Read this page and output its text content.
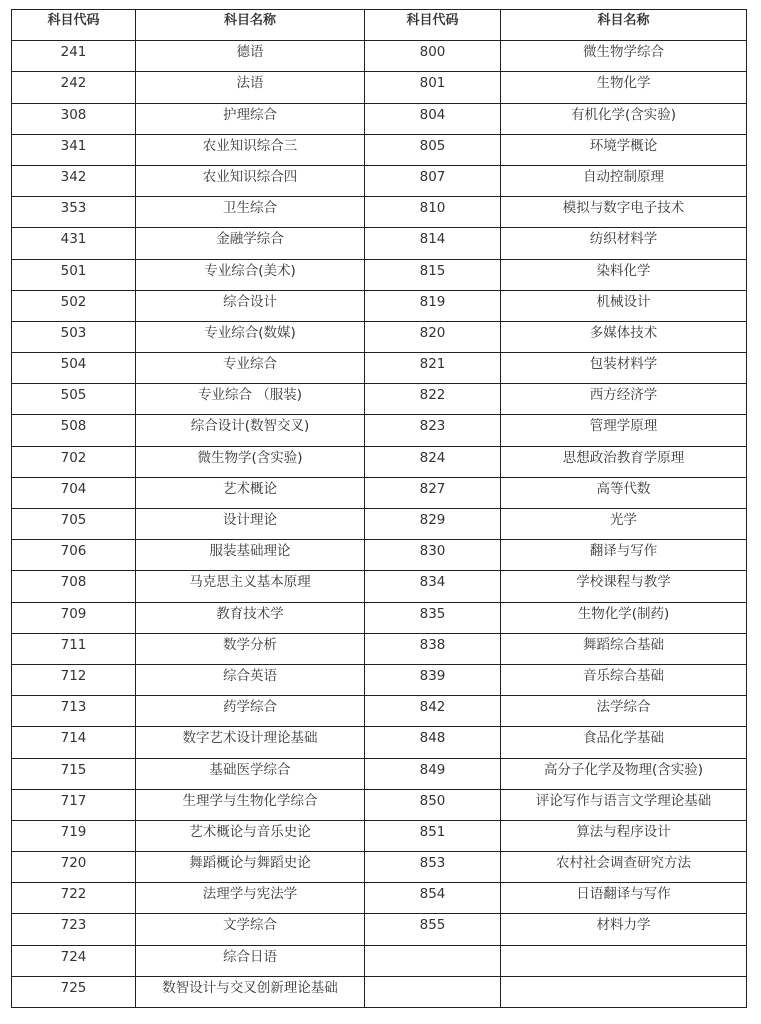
科目代码	科目名称	科目代码	科目名称
241	德语	800	微生物学综合
242	法语	801	生物化学
308	护理综合	804	有机化学(含实验)
341	农业知识综合三	805	环境学概论
342	农业知识综合四	807	自动控制原理
353	卫生综合	810	模拟与数字电子技术
431	金融学综合	814	纺织材料学
501	专业综合(美术)	815	染料化学
502	综合设计	819	机械设计
503	专业综合(数媒)	820	多媒体技术
504	专业综合	821	包装材料学
505	专业综合 （服装)	822	西方经济学
508	综合设计(数智交叉)	823	管理学原理
702	微生物学(含实验)	824	思想政治教育学原理
704	艺术概论	827	高等代数
705	设计理论	829	光学
706	服装基础理论	830	翻译与写作
708	马克思主义基本原理	834	学校课程与教学
709	教育技术学	835	生物化学(制药)
711	数学分析	838	舞蹈综合基础
712	综合英语	839	音乐综合基础
713	药学综合	842	法学综合
714	数字艺术设计理论基础	848	食品化学基础
715	基础医学综合	849	高分子化学及物理(含实验)
717	生理学与生物化学综合	850	评论写作与语言文学理论基础
719	艺术概论与音乐史论	851	算法与程序设计
720	舞蹈概论与舞蹈史论	853	农村社会调查研究方法
722	法理学与宪法学	854	日语翻译与写作
723	文学综合	855	材料力学
724	综合日语		
725	数智设计与交叉创新理论基础		
